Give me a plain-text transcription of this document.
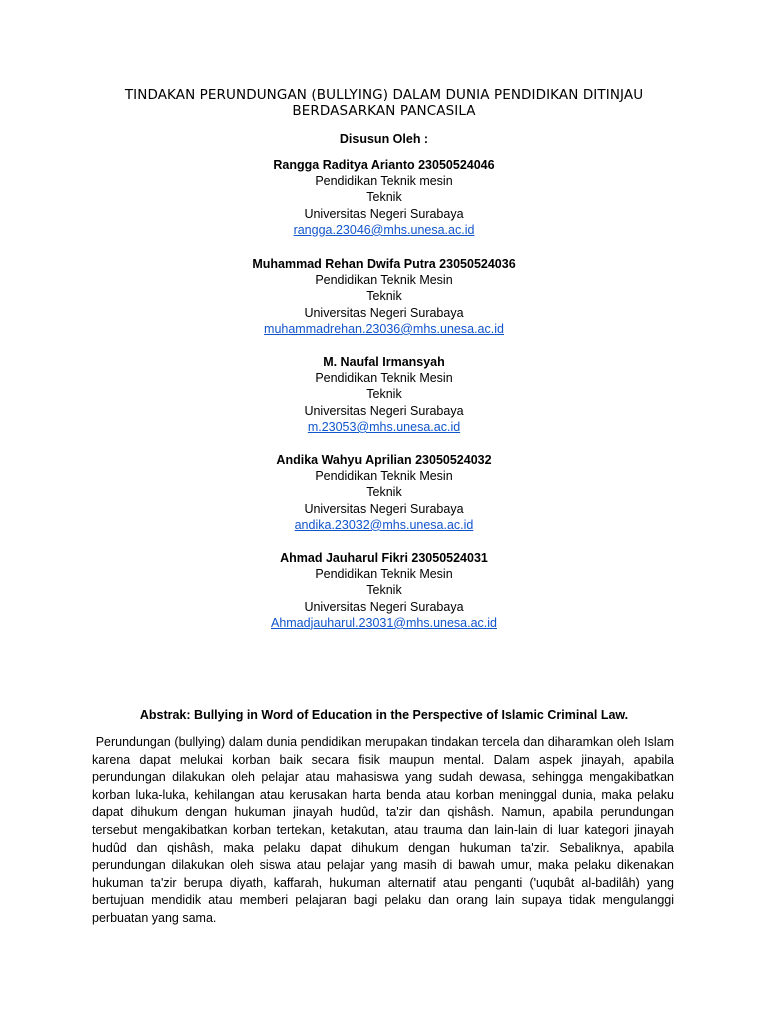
TINDAKAN PERUNDUNGAN (BULLYING) DALAM DUNIA PENDIDIKAN DITINJAU
BERDASARKAN PANCASILA
Disusun Oleh :
Rangga Raditya Arianto 23050524046
Pendidikan Teknik mesin
Teknik
Universitas Negeri Surabaya
rangga.23046@mhs.unesa.ac.id
Muhammad Rehan Dwifa Putra 23050524036
Pendidikan Teknik Mesin
Teknik
Universitas Negeri Surabaya
muhammadrehan.23036@mhs.unesa.ac.id
M. Naufal Irmansyah
Pendidikan Teknik Mesin
Teknik
Universitas Negeri Surabaya
m.23053@mhs.unesa.ac.id
Andika Wahyu Aprilian 23050524032
Pendidikan Teknik Mesin
Teknik
Universitas Negeri Surabaya
andika.23032@mhs.unesa.ac.id
Ahmad Jauharul Fikri 23050524031
Pendidikan Teknik Mesin
Teknik
Universitas Negeri Surabaya
Ahmadjauharul.23031@mhs.unesa.ac.id
Abstrak: Bullying in Word of Education in the Perspective of Islamic Criminal Law.
Perundungan (bullying) dalam dunia pendidikan merupakan tindakan tercela dan diharamkan oleh Islam karena dapat melukai korban baik secara fisik maupun mental. Dalam aspek jinayah, apabila perundungan dilakukan oleh pelajar atau mahasiswa yang sudah dewasa, sehingga mengakibatkan korban luka-luka, kehilangan atau kerusakan harta benda atau korban meninggal dunia, maka pelaku dapat dihukum dengan hukuman jinayah hudûd, ta'zir dan qishâsh. Namun, apabila perundungan tersebut mengakibatkan korban tertekan, ketakutan, atau trauma dan lain-lain di luar kategori jinayah hudûd dan qishâsh, maka pelaku dapat dihukum dengan hukuman ta'zir. Sebaliknya, apabila perundungan dilakukan oleh siswa atau pelajar yang masih di bawah umur, maka pelaku dikenakan hukuman ta'zir berupa diyath, kaffarah, hukuman alternatif atau penganti ('uqubât al-badilâh) yang bertujuan mendidik atau memberi pelajaran bagi pelaku dan orang lain supaya tidak mengulanggi perbuatan yang sama.
